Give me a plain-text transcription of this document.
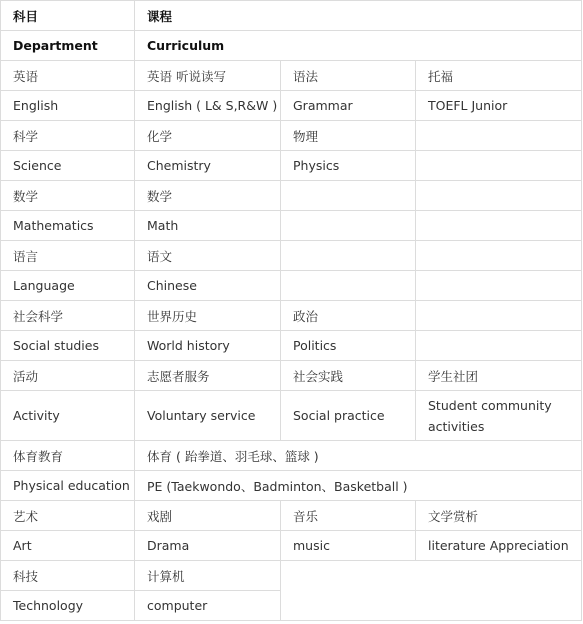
科目	课程		
Department	Curriculum		
英语	英语 听说读写	语法	托福
English	English ( L& S,R&W )	Grammar	TOEFL Junior
科学	化学	物理	
Science	Chemistry	Physics	
数学	数学		
Mathematics	Math		
语言	语文		
Language	Chinese		
社会科学	世界历史	政治	
Social studies	World history	Politics	
活动	志愿者服务	社会实践	学生社团
Activity	Voluntary service	Social practice	Student community activities
体育教育	体育 ( 跆拳道、羽毛球、篮球 )		
Physical education	PE (Taekwondo、Badminton、Basketball )		
艺术	戏剧	音乐	文学赏析
Art	Drama	music	literature Appreciation
科技	计算机		
Technology	computer		
